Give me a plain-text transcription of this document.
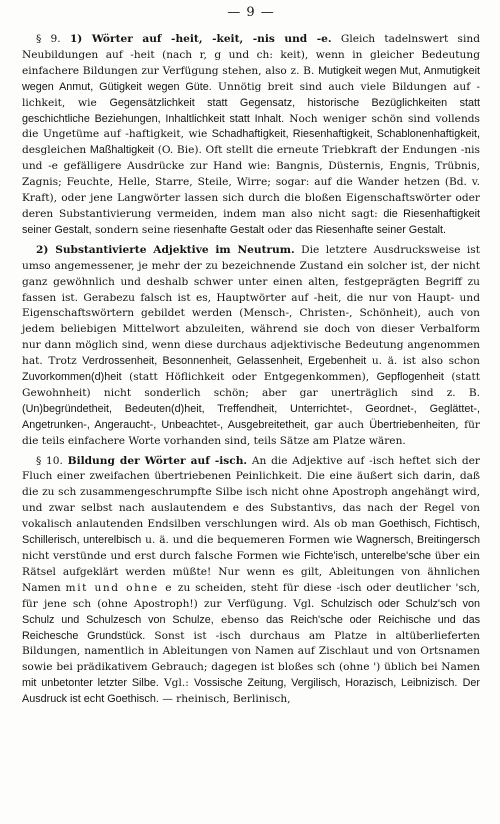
— 9 —

§ 9. 1) Wörter auf -heit, -keit, -nis und -e. Gleich tadelnswert sind Neubildungen auf -heit (nach r, g und ch: keit), wenn in gleicher Bedeutung einfachere Bildungen zur Verfügung stehen, also z. B. Mutigkeit wegen Mut, Anmutigkeit wegen Anmut, Gütigkeit wegen Güte. Unnötig breit sind auch viele Bildungen auf -lichkeit, wie Gegensätzlichkeit statt Gegensatz, historische Bezüglichkeiten statt geschichtliche Beziehungen, Inhaltlichkeit statt Inhalt. Noch weniger schön sind vollends die Ungetüme auf -haftigkeit, wie Schadhaftigkeit, Riesenhaftigkeit, Schablonenhaftigkeit, desgleichen Maßhaltigkeit (O. Bie). Oft stellt die erneute Triebkraft der Endungen -nis und -e gefälligere Ausdrücke zur Hand wie: Bangnis, Düsternis, Engnis, Trübnis, Zagnis; Feuchte, Helle, Starre, Steile, Wirre; sogar: auf die Wander hetzen (Bd. v. Kraft), oder jene Langwörter lassen sich durch die bloßen Eigenschaftswörter oder deren Substantivierung vermeiden, indem man also nicht sagt: die Riesenhaftigkeit seiner Gestalt, sondern seine riesenhafte Gestalt oder das Riesenhafte seiner Gestalt.

2) Substantivierte Adjektive im Neutrum. Die letztere Ausdrucksweise ist umso angemessener, je mehr der zu bezeichnende Zustand ein solcher ist, der nicht ganz gewöhnlich und deshalb schwer unter einen alten, festgeprägten Begriff zu fassen ist. Gerabezu falsch ist es, Hauptwörter auf -heit, die nur von Haupt- und Eigenschaftswörtern gebildet werden (Mensch-, Christen-, Schönheit), auch von jedem beliebigen Mittelwort abzuleiten, während sie doch von dieser Verbalform nur dann möglich sind, wenn diese durchaus adjektivische Bedeutung angenommen hat. Trotz Verdrossenheit, Besonnenheit, Gelassenheit, Ergebenheit u. ä. ist also schon Zuvorkommen(d)heit (statt Höflichkeit oder Entgegenkommen), Gepflogenheit (statt Gewohnheit) nicht sonderlich schön; aber gar unerträglich sind z. B. (Un)begründetheit, Bedeuten(d)heit, Treffendheit, Unterrichtet-, Geordnet-, Geglättet-, Angetrunken-, Angeraucht-, Unbeachtet-, Ausgebreitetheit, gar auch Übertriebenheiten, für die teils einfachere Worte vorhanden sind, teils Sätze am Platze wären.

§ 10. Bildung der Wörter auf -isch. An die Adjektive auf -isch heftet sich der Fluch einer zweifachen übertriebenen Peinlichkeit. Die eine äußert sich darin, daß die zu sch zusammengeschrumpfte Silbe isch nicht ohne Apostroph angehängt wird, und zwar selbst nach auslautendem e des Substantivs, das nach der Regel von vokalisch anlautenden Endsilben verschlungen wird. Als ob man Goethisch, Fichtisch, Schillerisch, unterelbisch u. ä. und die bequemeren Formen wie Wagnersch, Breitingersch nicht verstünde und erst durch falsche Formen wie Fichte'isch, unterelbe'sche über ein Rätsel aufgeklärt werden müßte! Nur wenn es gilt, Ableitungen von ähnlichen Namen mit und ohne e zu scheiden, steht für diese -isch oder deutlicher 'sch, für jene sch (ohne Apostroph!) zur Verfügung. Vgl. Schulzisch oder Schulz'sch von Schulz und Schulzesch von Schulze, ebenso das Reich'sche oder Reichische und das Reichesche Grundstück. Sonst ist -isch durchaus am Platze in altüberlieferten Bildungen, namentlich in Ableitungen von Namen auf Zischlaut und von Ortsnamen sowie bei prädikativem Gebrauch; dagegen ist bloßes sch (ohne ') üblich bei Namen mit unbetonter letzter Silbe. Vgl.: Vossische Zeitung, Vergilisch, Horazisch, Leibnizisch. Der Ausdruck ist echt Goethisch. — rheinisch, Berlinisch,
